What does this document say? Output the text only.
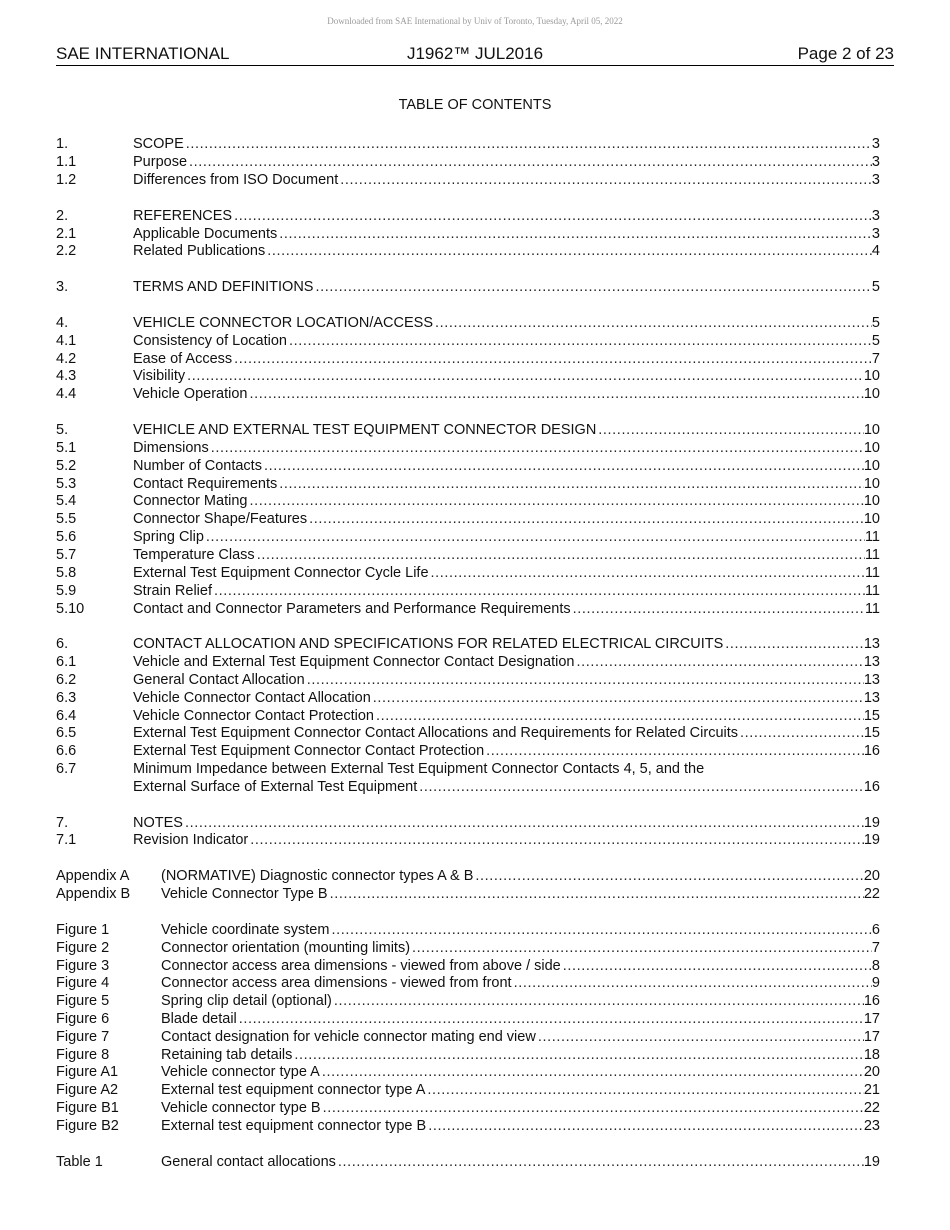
Downloaded from SAE International by Univ of Toronto, Tuesday, April 05, 2022
SAE INTERNATIONAL	J1962™ JUL2016	Page 2 of 23
TABLE OF CONTENTS
1.	SCOPE .....	3
1.1	Purpose .....	3
1.2	Differences from ISO Document .....	3
2.	REFERENCES .....	3
2.1	Applicable Documents .....	3
2.2	Related Publications .....	4
3.	TERMS AND DEFINITIONS .....	5
4.	VEHICLE CONNECTOR LOCATION/ACCESS .....	5
4.1	Consistency of Location .....	5
4.2	Ease of Access .....	7
4.3	Visibility .....	10
4.4	Vehicle Operation .....	10
5.	VEHICLE AND EXTERNAL TEST EQUIPMENT CONNECTOR DESIGN .....	10
5.1	Dimensions .....	10
5.2	Number of Contacts .....	10
5.3	Contact Requirements .....	10
5.4	Connector Mating .....	10
5.5	Connector Shape/Features .....	10
5.6	Spring Clip .....	11
5.7	Temperature Class .....	11
5.8	External Test Equipment Connector Cycle Life .....	11
5.9	Strain Relief .....	11
5.10	Contact and Connector Parameters and Performance Requirements .....	11
6.	CONTACT ALLOCATION AND SPECIFICATIONS FOR RELATED ELECTRICAL CIRCUITS .....	13
6.1	Vehicle and External Test Equipment Connector Contact Designation .....	13
6.2	General Contact Allocation .....	13
6.3	Vehicle Connector Contact Allocation .....	13
6.4	Vehicle Connector Contact Protection .....	15
6.5	External Test Equipment Connector Contact Allocations and Requirements for Related Circuits .....	15
6.6	External Test Equipment Connector Contact Protection .....	16
6.7	Minimum Impedance between External Test Equipment Connector Contacts 4, 5, and the
External Surface of External Test Equipment .....	16
7.	NOTES .....	19
7.1	Revision Indicator .....	19
Appendix A (NORMATIVE) Diagnostic connector types A & B .....	20
Appendix B Vehicle Connector Type B .....	22
Figure 1	Vehicle coordinate system .....	6
Figure 2	Connector orientation (mounting limits) .....	7
Figure 3	Connector access area dimensions - viewed from above / side .....	8
Figure 4	Connector access area dimensions - viewed from front .....	9
Figure 5	Spring clip detail (optional) .....	16
Figure 6	Blade detail .....	17
Figure 7	Contact designation for vehicle connector mating end view .....	17
Figure 8	Retaining tab details .....	18
Figure A1	Vehicle connector type A .....	20
Figure A2	External test equipment connector type A .....	21
Figure B1	Vehicle connector type B .....	22
Figure B2	External test equipment connector type B .....	23
Table 1	General contact allocations .....	19
